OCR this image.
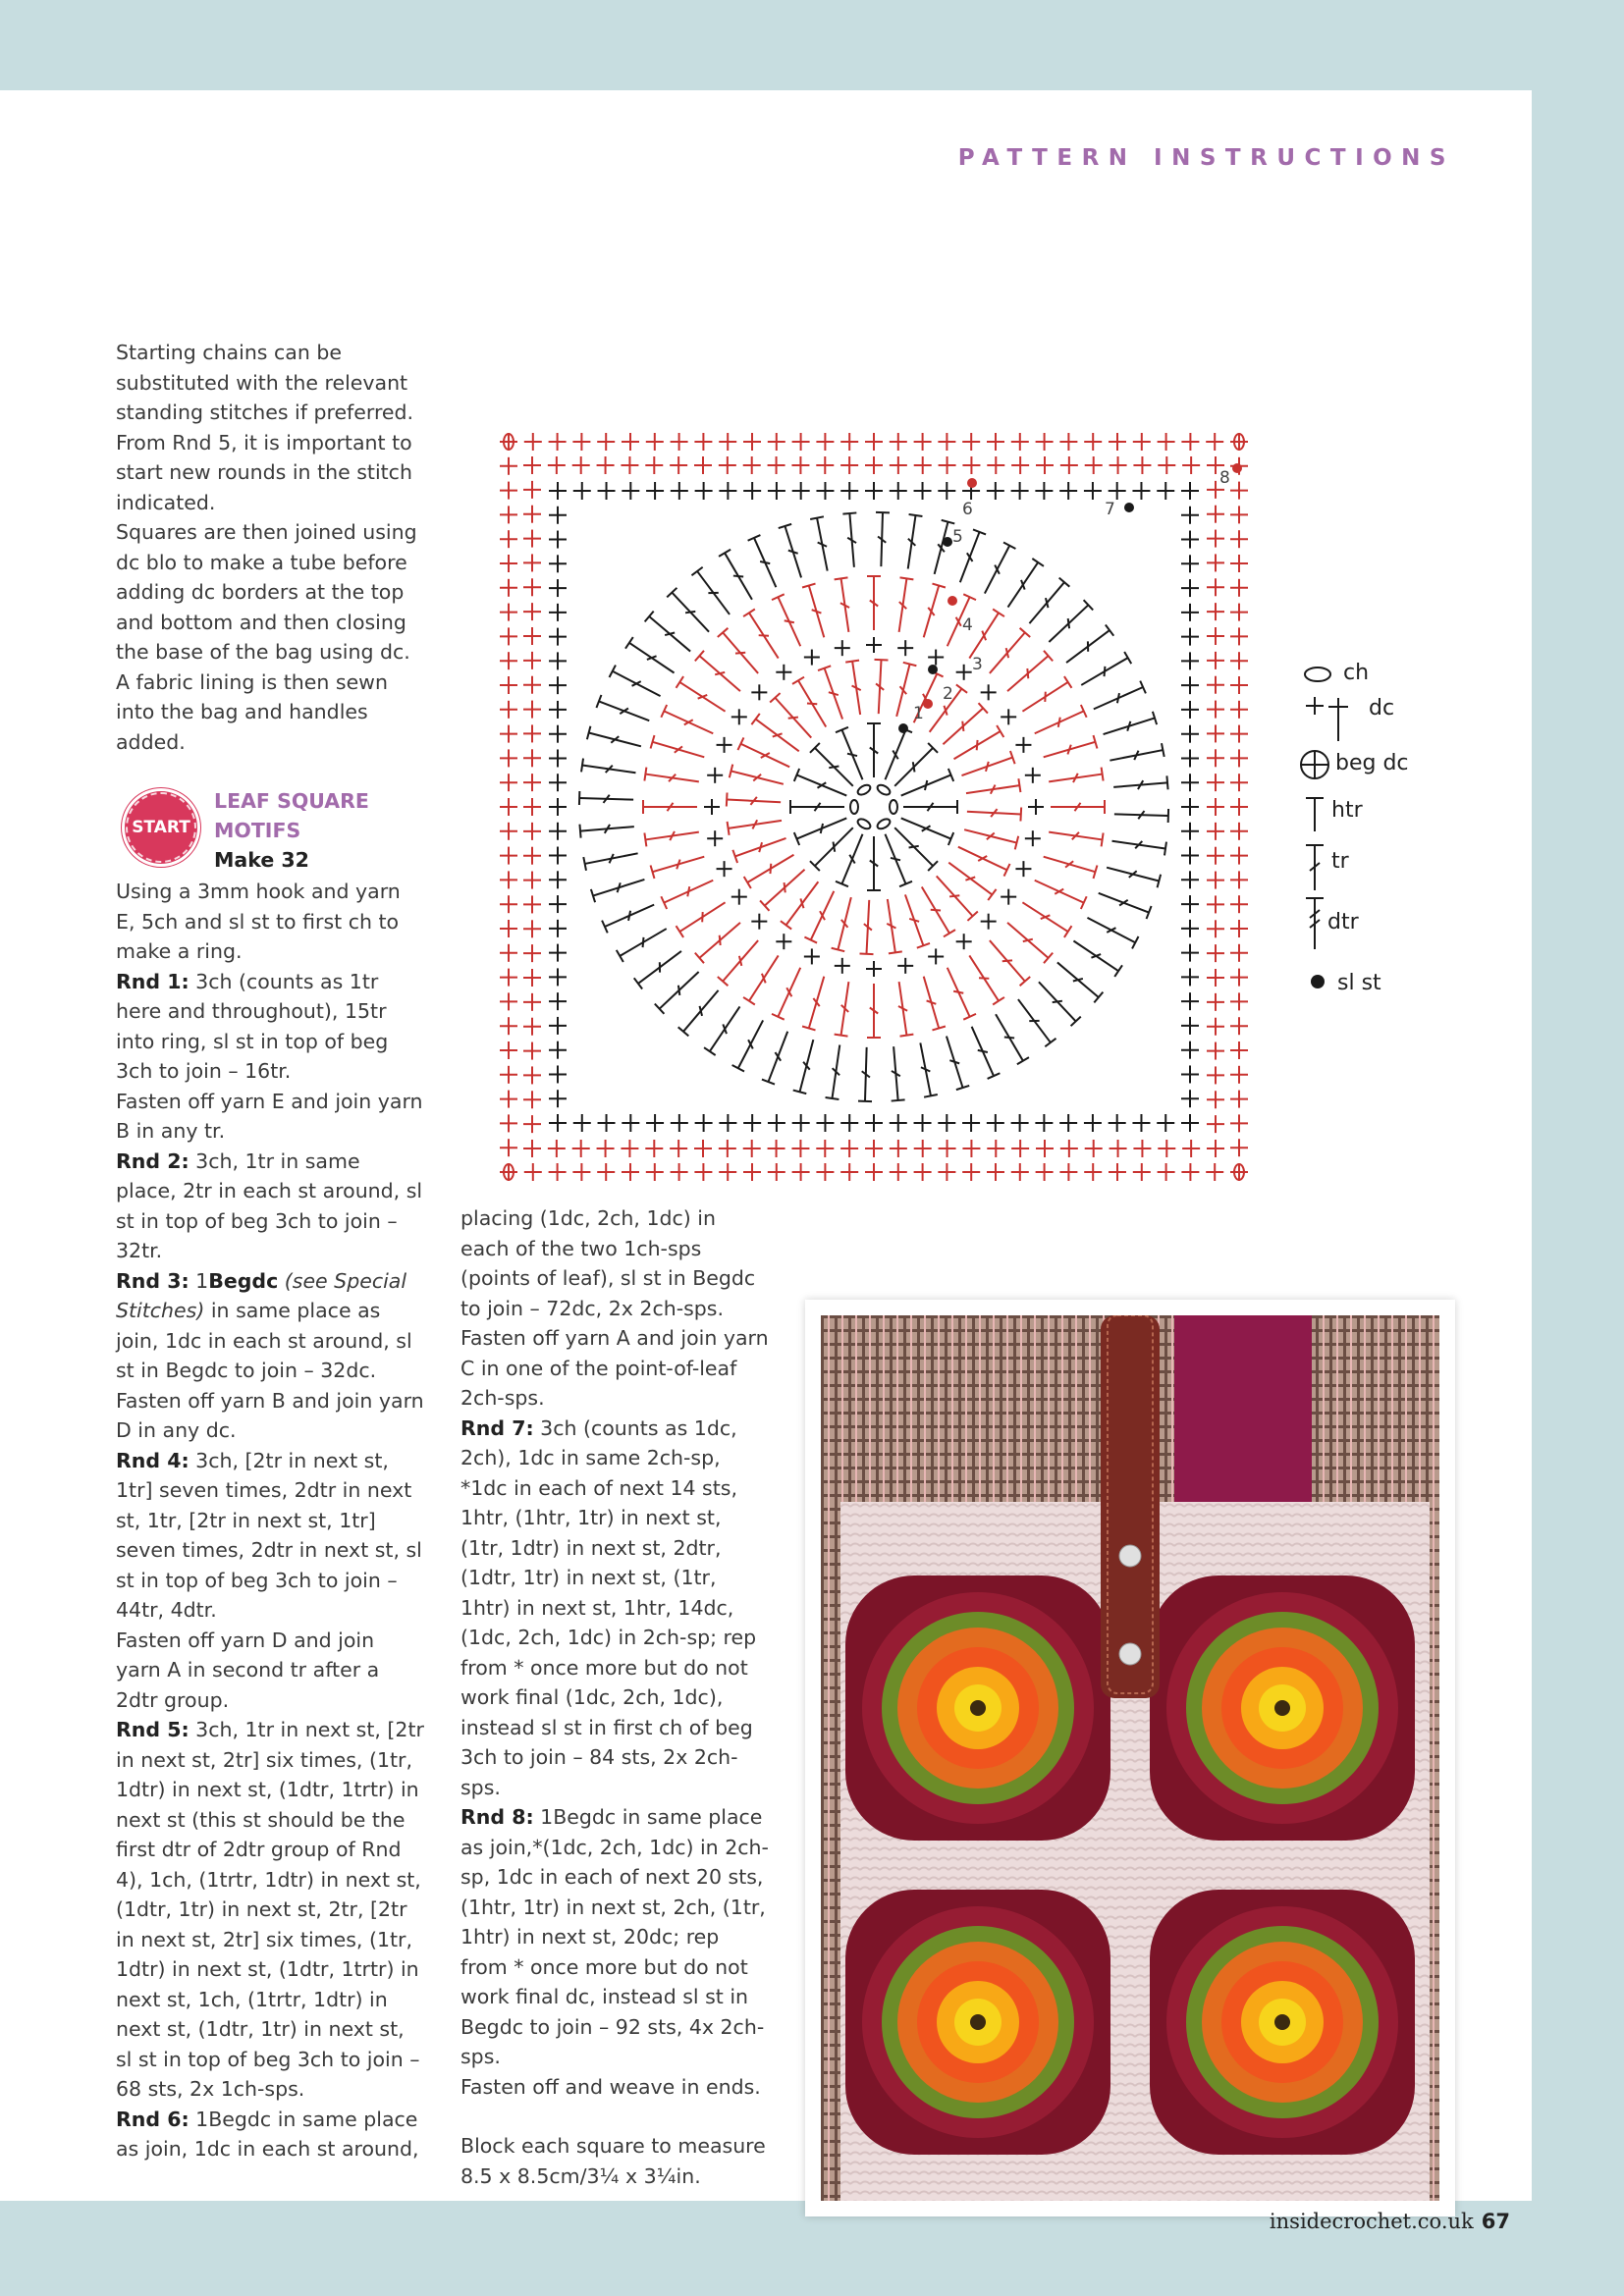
PATTERN INSTRUCTIONS

Starting chains can be substituted with the relevant standing stitches if preferred. From Rnd 5, it is important to start new rounds in the stitch indicated.

Squares are then joined using dc blo to make a tube before adding dc borders at the top and bottom and then closing the base of the bag using dc. A fabric lining is then sewn into the bag and handles added.

START
LEAF SQUARE
MOTIFS
Make 32

Using a 3mm hook and yarn E, 5ch and sl st to first ch to make a ring.

Rnd 1: 3ch (counts as 1tr here and throughout), 15tr into ring, sl st in top of beg 3ch to join – 16tr.

Fasten off yarn E and join yarn B in any tr.

Rnd 2: 3ch, 1tr in same place, 2tr in each st around, sl st in top of beg 3ch to join – 32tr.

Rnd 3: 1Begdc (see Special Stitches) in same place as join, 1dc in each st around, sl st in Begdc to join – 32dc.

Fasten off yarn B and join yarn D in any dc.

Rnd 4: 3ch, [2tr in next st, 1tr] seven times, 2dtr in next st, 1tr, [2tr in next st, 1tr] seven times, 2dtr in next st, sl st in top of beg 3ch to join – 44tr, 4dtr.

Fasten off yarn D and join yarn A in second tr after a 2dtr group.

Rnd 5: 3ch, 1tr in next st, [2tr in next st, 2tr] six times, (1tr, 1dtr) in next st, (1dtr, 1trtr) in next st (this st should be the first dtr of 2dtr group of Rnd 4), 1ch, (1trtr, 1dtr) in next st, (1dtr, 1tr) in next st, 2tr, [2tr in next st, 2tr] six times, (1tr, 1dtr) in next st, (1dtr, 1trtr) in next st, 1ch, (1trtr, 1dtr) in next st, (1dtr, 1tr) in next st, sl st in top of beg 3ch to join – 68 sts, 2x 1ch-sps.

Rnd 6: 1Begdc in same place as join, 1dc in each st around,

placing (1dc, 2ch, 1dc) in each of the two 1ch-sps (points of leaf), sl st in Begdc to join – 72dc, 2x 2ch-sps.

Fasten off yarn A and join yarn C in one of the point-of-leaf 2ch-sps.

Rnd 7: 3ch (counts as 1dc, 2ch), 1dc in same 2ch-sp, *1dc in each of next 14 sts, 1htr, (1htr, 1tr) in next st, (1tr, 1dtr) in next st, 2dtr, (1dtr, 1tr) in next st, (1tr, 1htr) in next st, 1htr, 14dc, (1dc, 2ch, 1dc) in 2ch-sp; rep from * once more but do not work final (1dc, 2ch, 1dc), instead sl st in first ch of beg 3ch to join – 84 sts, 2x 2ch-sps.

Rnd 8: 1Begdc in same place as join,*(1dc, 2ch, 1dc) in 2ch-sp, 1dc in each of next 20 sts, (1htr, 1tr) in next st, 2ch, (1tr, 1htr) in next st, 20dc; rep from * once more but do not work final dc, instead sl st in Begdc to join – 92 sts, 4x 2ch-sps.

Fasten off and weave in ends.

Block each square to measure 8.5 x 8.5cm/3¼ x 3¼in.

1
2
3
4
5
6	7
8
ch
dc
beg dc
htr
tr
dtr
sl st
insidecrochet.co.uk 67
